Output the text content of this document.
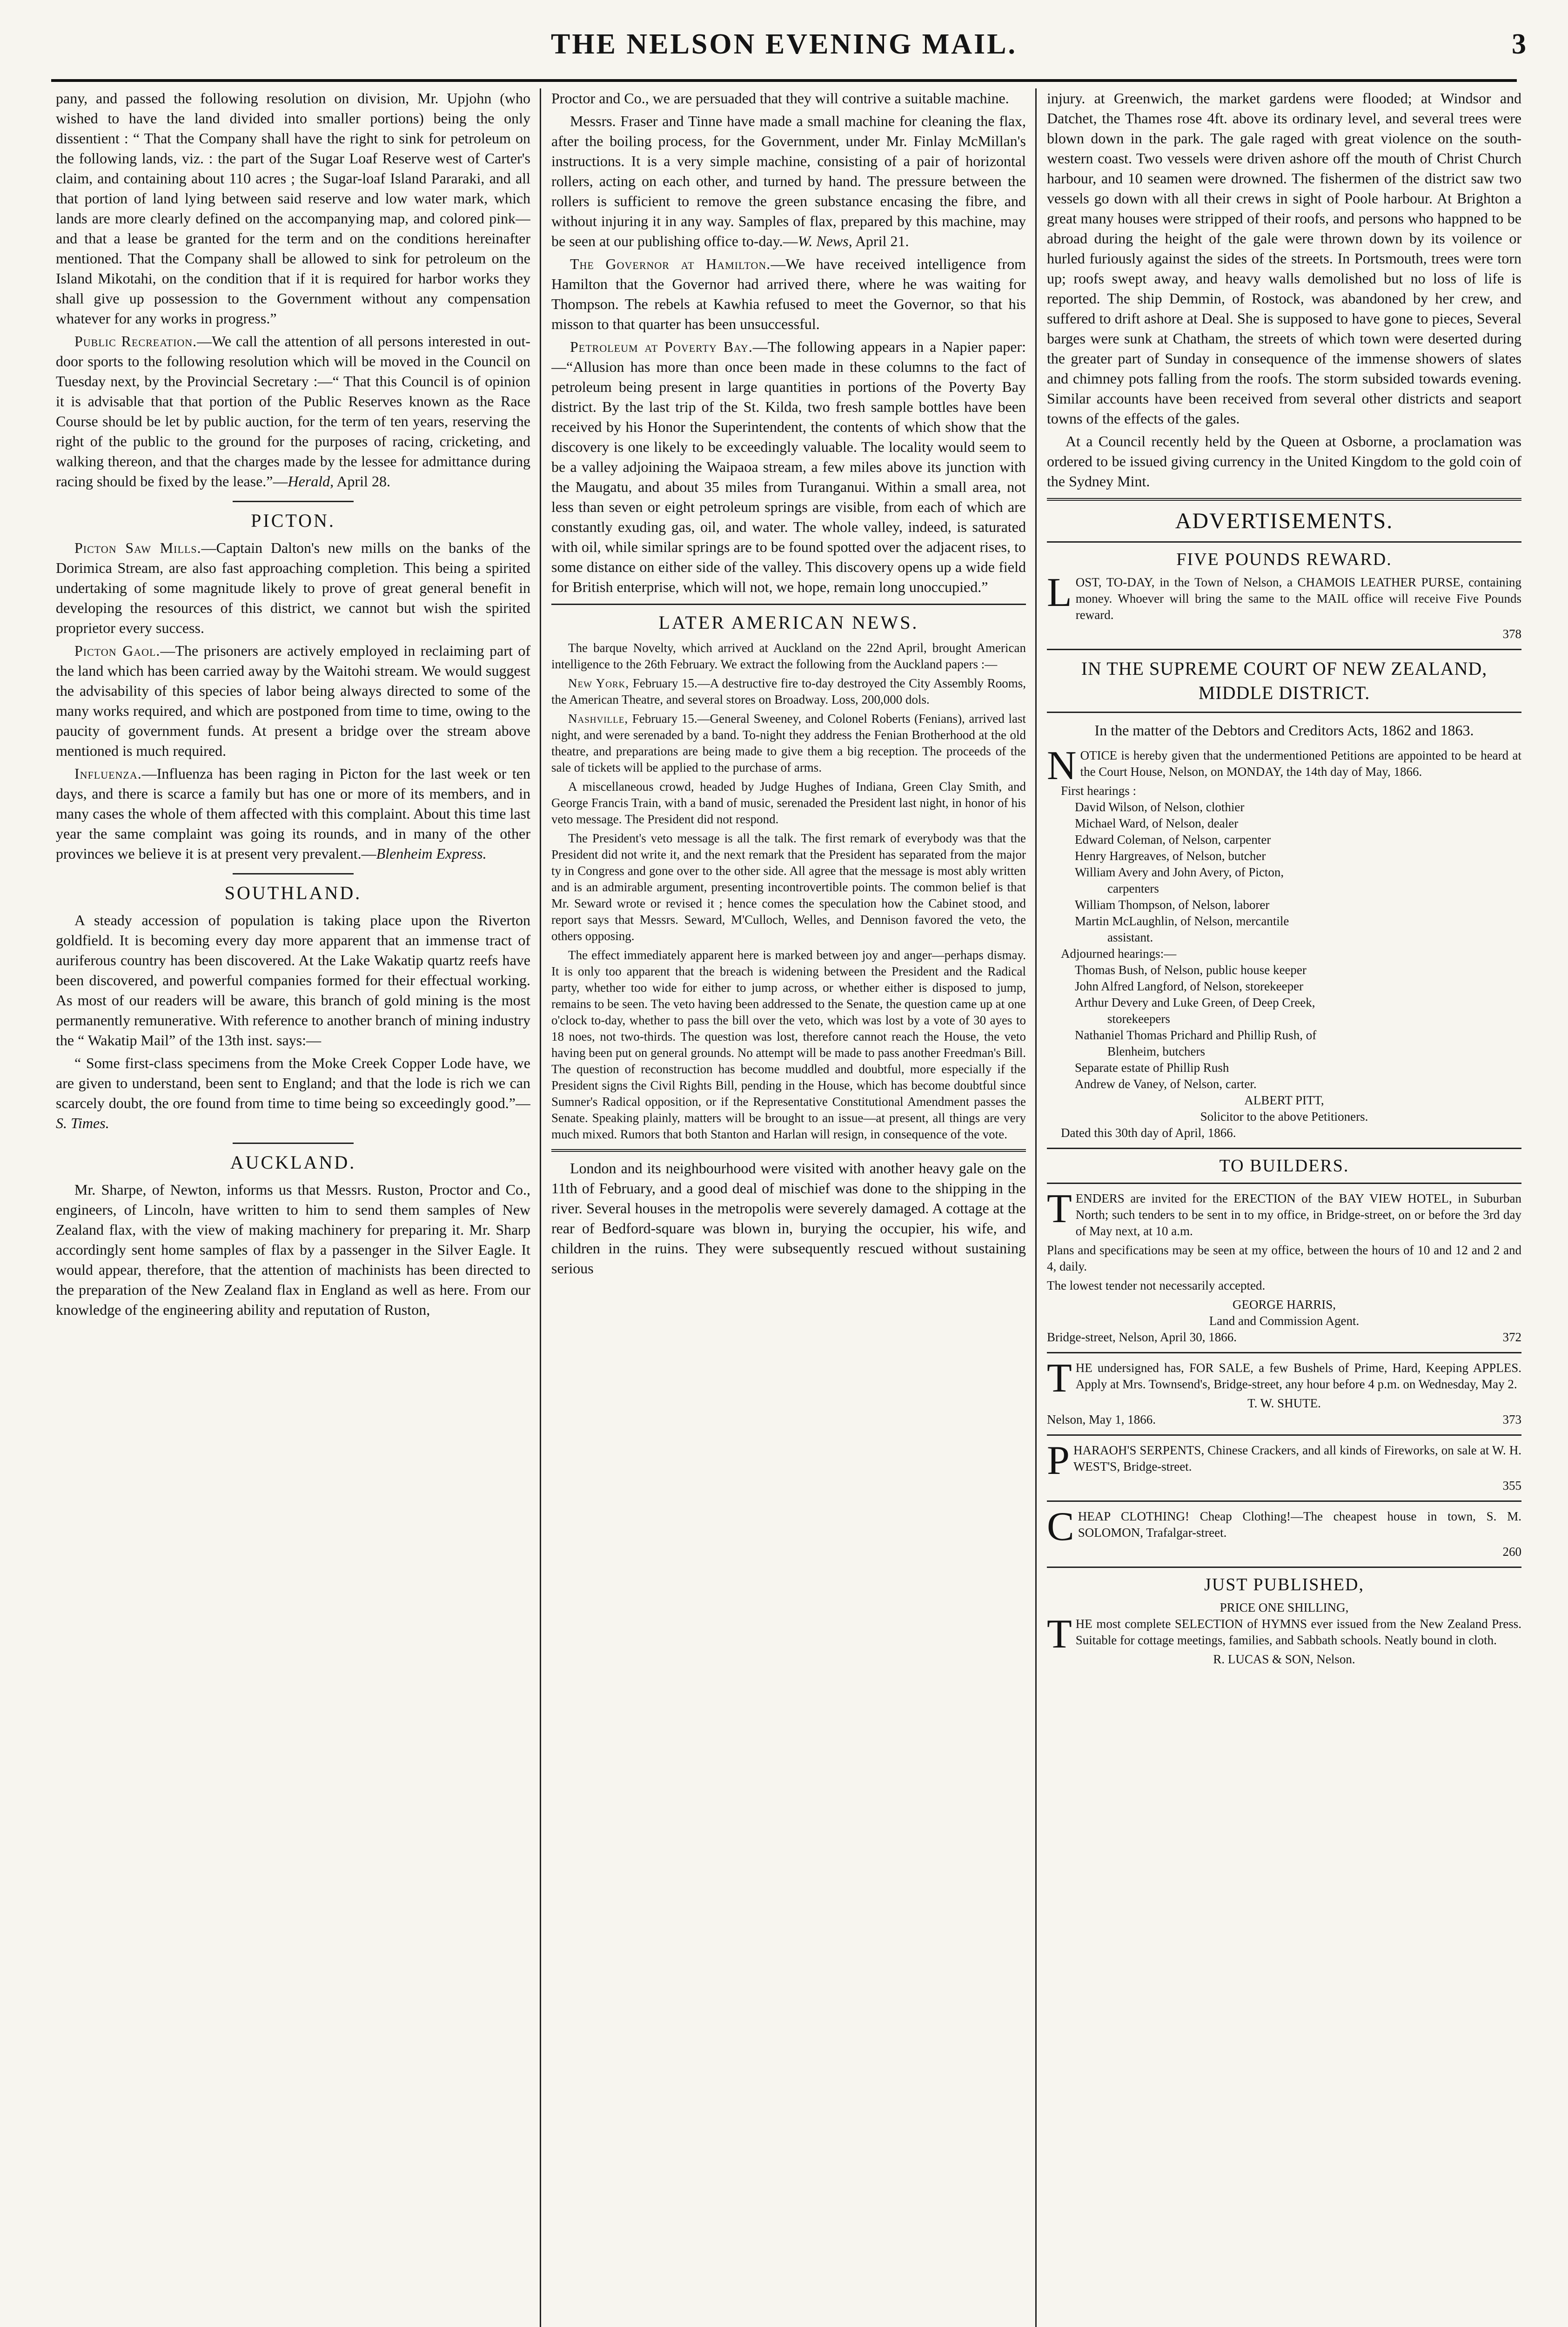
THE NELSON EVENING MAIL.	3

pany, and passed the following resolution on division, Mr. Upjohn (who wished to have the land divided into smaller portions) being the only dissentient : “ That the Company shall have the right to sink for petroleum on the following lands, viz. : the part of the Sugar Loaf Reserve west of Carter's claim, and containing about 110 acres ; the Sugar-loaf Island Pararaki, and all that portion of land lying between said reserve and low water mark, which lands are more clearly defined on the accompanying map, and colored pink—and that a lease be granted for the term and on the conditions hereinafter mentioned. That the Company shall be allowed to sink for petroleum on the Island Mikotahi, on the condition that if it is required for harbor works they shall give up possession to the Government without any compensation whatever for any works in progress.”

Public Recreation.—We call the attention of all persons interested in out-door sports to the following resolution which will be moved in the Council on Tuesday next, by the Provincial Secretary :—“ That this Council is of opinion it is advisable that that portion of the Public Reserves known as the Race Course should be let by public auction, for the term of ten years, reserving the right of the public to the ground for the purposes of racing, cricketing, and walking thereon, and that the charges made by the lessee for admittance during racing should be fixed by the lease.”—Herald, April 28.

PICTON.

Picton Saw Mills.—Captain Dalton's new mills on the banks of the Dorimica Stream, are also fast approaching completion. This being a spirited undertaking of some magnitude likely to prove of great general benefit in developing the resources of this district, we cannot but wish the spirited proprietor every success.

Picton Gaol.—The prisoners are actively employed in reclaiming part of the land which has been carried away by the Waitohi stream. We would suggest the advisability of this species of labor being always directed to some of the many works required, and which are postponed from time to time, owing to the paucity of government funds. At present a bridge over the stream above mentioned is much required.

Influenza.—Influenza has been raging in Picton for the last week or ten days, and there is scarce a family but has one or more of its members, and in many cases the whole of them affected with this complaint. About this time last year the same complaint was going its rounds, and in many of the other provinces we believe it is at present very prevalent.—Blenheim Express.

SOUTHLAND.

A steady accession of population is taking place upon the Riverton goldfield. It is becoming every day more apparent that an immense tract of auriferous country has been discovered. At the Lake Wakatip quartz reefs have been discovered, and powerful companies formed for their effectual working. As most of our readers will be aware, this branch of gold mining is the most permanently remunerative. With reference to another branch of mining industry the “ Wakatip Mail” of the 13th inst. says:—

“ Some first-class specimens from the Moke Creek Copper Lode have, we are given to understand, been sent to England; and that the lode is rich we can scarcely doubt, the ore found from time to time being so exceedingly good.”—S. Times.

AUCKLAND.

Mr. Sharpe, of Newton, informs us that Messrs. Ruston, Proctor and Co., engineers, of Lincoln, have written to him to send them samples of New Zealand flax, with the view of making machinery for preparing it. Mr. Sharp accordingly sent home samples of flax by a passenger in the Silver Eagle. It would appear, therefore, that the attention of machinists has been directed to the preparation of the New Zealand flax in England as well as here. From our knowledge of the engineering ability and reputation of Ruston,

Proctor and Co., we are persuaded that they will contrive a suitable machine.

Messrs. Fraser and Tinne have made a small machine for cleaning the flax, after the boiling process, for the Government, under Mr. Finlay McMillan's instructions. It is a very simple machine, consisting of a pair of horizontal rollers, acting on each other, and turned by hand. The pressure between the rollers is sufficient to remove the green substance encasing the fibre, and without injuring it in any way. Samples of flax, prepared by this machine, may be seen at our publishing office to-day.—W. News, April 21.

The Governor at Hamilton.—We have received intelligence from Hamilton that the Governor had arrived there, where he was waiting for Thompson. The rebels at Kawhia refused to meet the Governor, so that his misson to that quarter has been unsuccessful.

Petroleum at Poverty Bay.—The following appears in a Napier paper:—“Allusion has more than once been made in these columns to the fact of petroleum being present in large quantities in portions of the Poverty Bay district. By the last trip of the St. Kilda, two fresh sample bottles have been received by his Honor the Superintendent, the contents of which show that the discovery is one likely to be exceedingly valuable. The locality would seem to be a valley adjoining the Waipaoa stream, a few miles above its junction with the Maugatu, and about 35 miles from Turanganui. Within a small area, not less than seven or eight petroleum springs are visible, from each of which are constantly exuding gas, oil, and water. The whole valley, indeed, is saturated with oil, while similar springs are to be found spotted over the adjacent rises, to some distance on either side of the valley. This discovery opens up a wide field for British enterprise, which will not, we hope, remain long unoccupied.”

LATER AMERICAN NEWS.

The barque Novelty, which arrived at Auckland on the 22nd April, brought American intelligence to the 26th February. We extract the following from the Auckland papers :—

New York, February 15.—A destructive fire to-day destroyed the City Assembly Rooms, the American Theatre, and several stores on Broadway. Loss, 200,000 dols.

Nashville, February 15.—General Sweeney, and Colonel Roberts (Fenians), arrived last night, and were serenaded by a band. To-night they address the Fenian Brotherhood at the old theatre, and preparations are being made to give them a big reception. The proceeds of the sale of tickets will be applied to the purchase of arms.

A miscellaneous crowd, headed by Judge Hughes of Indiana, Green Clay Smith, and George Francis Train, with a band of music, serenaded the President last night, in honor of his veto message. The President did not respond.

The President's veto message is all the talk. The first remark of everybody was that the President did not write it, and the next remark that the President has separated from the major ty in Congress and gone over to the other side. All agree that the message is most ably written and is an admirable argument, presenting incontrovertible points. The common belief is that Mr. Seward wrote or revised it ; hence comes the speculation how the Cabinet stood, and report says that Messrs. Seward, M'Culloch, Welles, and Dennison favored the veto, the others opposing.

The effect immediately apparent here is marked between joy and anger—perhaps dismay. It is only too apparent that the breach is widening between the President and the Radical party, whether too wide for either to jump across, or whether either is disposed to jump, remains to be seen. The veto having been addressed to the Senate, the question came up at one o'clock to-day, whether to pass the bill over the veto, which was lost by a vote of 30 ayes to 18 noes, not two-thirds. The question was lost, therefore cannot reach the House, the veto having been put on general grounds. No attempt will be made to pass another Freedman's Bill. The question of reconstruction has become muddled and doubtful, more especially if the President signs the Civil Rights Bill, pending in the House, which has become doubtful since Sumner's Radical opposition, or if the Representative Constitutional Amendment passes the Senate. Speaking plainly, matters will be brought to an issue—at present, all things are very much mixed. Rumors that both Stanton and Harlan will resign, in consequence of the vote.

London and its neighbourhood were visited with another heavy gale on the 11th of February, and a good deal of mischief was done to the shipping in the river. Several houses in the metropolis were severely damaged. A cottage at the rear of Bedford-square was blown in, burying the occupier, his wife, and children in the ruins. They were subsequently rescued without sustaining serious

injury. at Greenwich, the market gardens were flooded; at Windsor and Datchet, the Thames rose 4ft. above its ordinary level, and several trees were blown down in the park. The gale raged with great violence on the south-western coast. Two vessels were driven ashore off the mouth of Christ Church harbour, and 10 seamen were drowned. The fishermen of the district saw two vessels go down with all their crews in sight of Poole harbour. At Brighton a great many houses were stripped of their roofs, and persons who happned to be abroad during the height of the gale were thrown down by its voilence or hurled furiously against the sides of the streets. In Portsmouth, trees were torn up; roofs swept away, and heavy walls demolished but no loss of life is reported. The ship Demmin, of Rostock, was abandoned by her crew, and suffered to drift ashore at Deal. She is supposed to have gone to pieces, Several barges were sunk at Chatham, the streets of which town were deserted during the greater part of Sunday in consequence of the immense showers of slates and chimney pots falling from the roofs. The storm subsided towards evening. Similar accounts have been received from several other districts and seaport towns of the effects of the gales.

At a Council recently held by the Queen at Osborne, a proclamation was ordered to be issued giving currency in the United Kingdom to the gold coin of the Sydney Mint.

ADVERTISEMENTS.
FIVE POUNDS REWARD.
L OST, TO-DAY, in the Town of Nelson, a CHAMOIS LEATHER PURSE, containing money. Whoever will bring the same to the MAIL office will receive Five Pounds reward.

378
IN THE SUPREME COURT OF NEW ZEALAND, MIDDLE DISTRICT.
In the matter of the Debtors and Creditors Acts, 1862 and 1863.
N OTICE is hereby given that the undermentioned Petitions are appointed to be heard at the Court House, Nelson, on MONDAY, the 14th day of May, 1866.

First hearings :
David Wilson, of Nelson, clothier
Michael Ward, of Nelson, dealer
Edward Coleman, of Nelson, carpenter
Henry Hargreaves, of Nelson, butcher
William Avery and John Avery, of Picton,
carpenters
William Thompson, of Nelson, laborer
Martin McLaughlin, of Nelson, mercantile
assistant.
Adjourned hearings:—
Thomas Bush, of Nelson, public house keeper
John Alfred Langford, of Nelson, storekeeper
Arthur Devery and Luke Green, of Deep Creek,
storekeepers
Nathaniel Thomas Prichard and Phillip Rush, of
Blenheim, butchers
Separate estate of Phillip Rush
Andrew de Vaney, of Nelson, carter.
ALBERT PITT,
Solicitor to the above Petitioners.
Dated this 30th day of April, 1866.
TO BUILDERS.
T ENDERS are invited for the ERECTION of the BAY VIEW HOTEL, in Suburban North; such tenders to be sent in to my office, in Bridge-street, on or before the 3rd day of May next, at 10 a.m.

Plans and specifications may be seen at my office, between the hours of 10 and 12 and 2 and 4, daily.

The lowest tender not necessarily accepted.

GEORGE HARRIS,
Land and Commission Agent.
Bridge-street, Nelson, April 30, 1866.	372
T HE undersigned has, FOR SALE, a few Bushels of Prime, Hard, Keeping APPLES. Apply at Mrs. Townsend's, Bridge-street, any hour before 4 p.m. on Wednesday, May 2.

T. W. SHUTE.
Nelson, May 1, 1866.	373
P HARAOH'S SERPENTS, Chinese Crackers, and all kinds of Fireworks, on sale at W. H. WEST'S, Bridge-street.

355
C HEAP CLOTHING! Cheap Clothing!—The cheapest house in town, S. M. SOLOMON, Trafalgar-street.

260
JUST PUBLISHED,
PRICE ONE SHILLING,
T HE most complete SELECTION of HYMNS ever issued from the New Zealand Press. Suitable for cottage meetings, families, and Sabbath schools. Neatly bound in cloth.

R. LUCAS & SON, Nelson.
